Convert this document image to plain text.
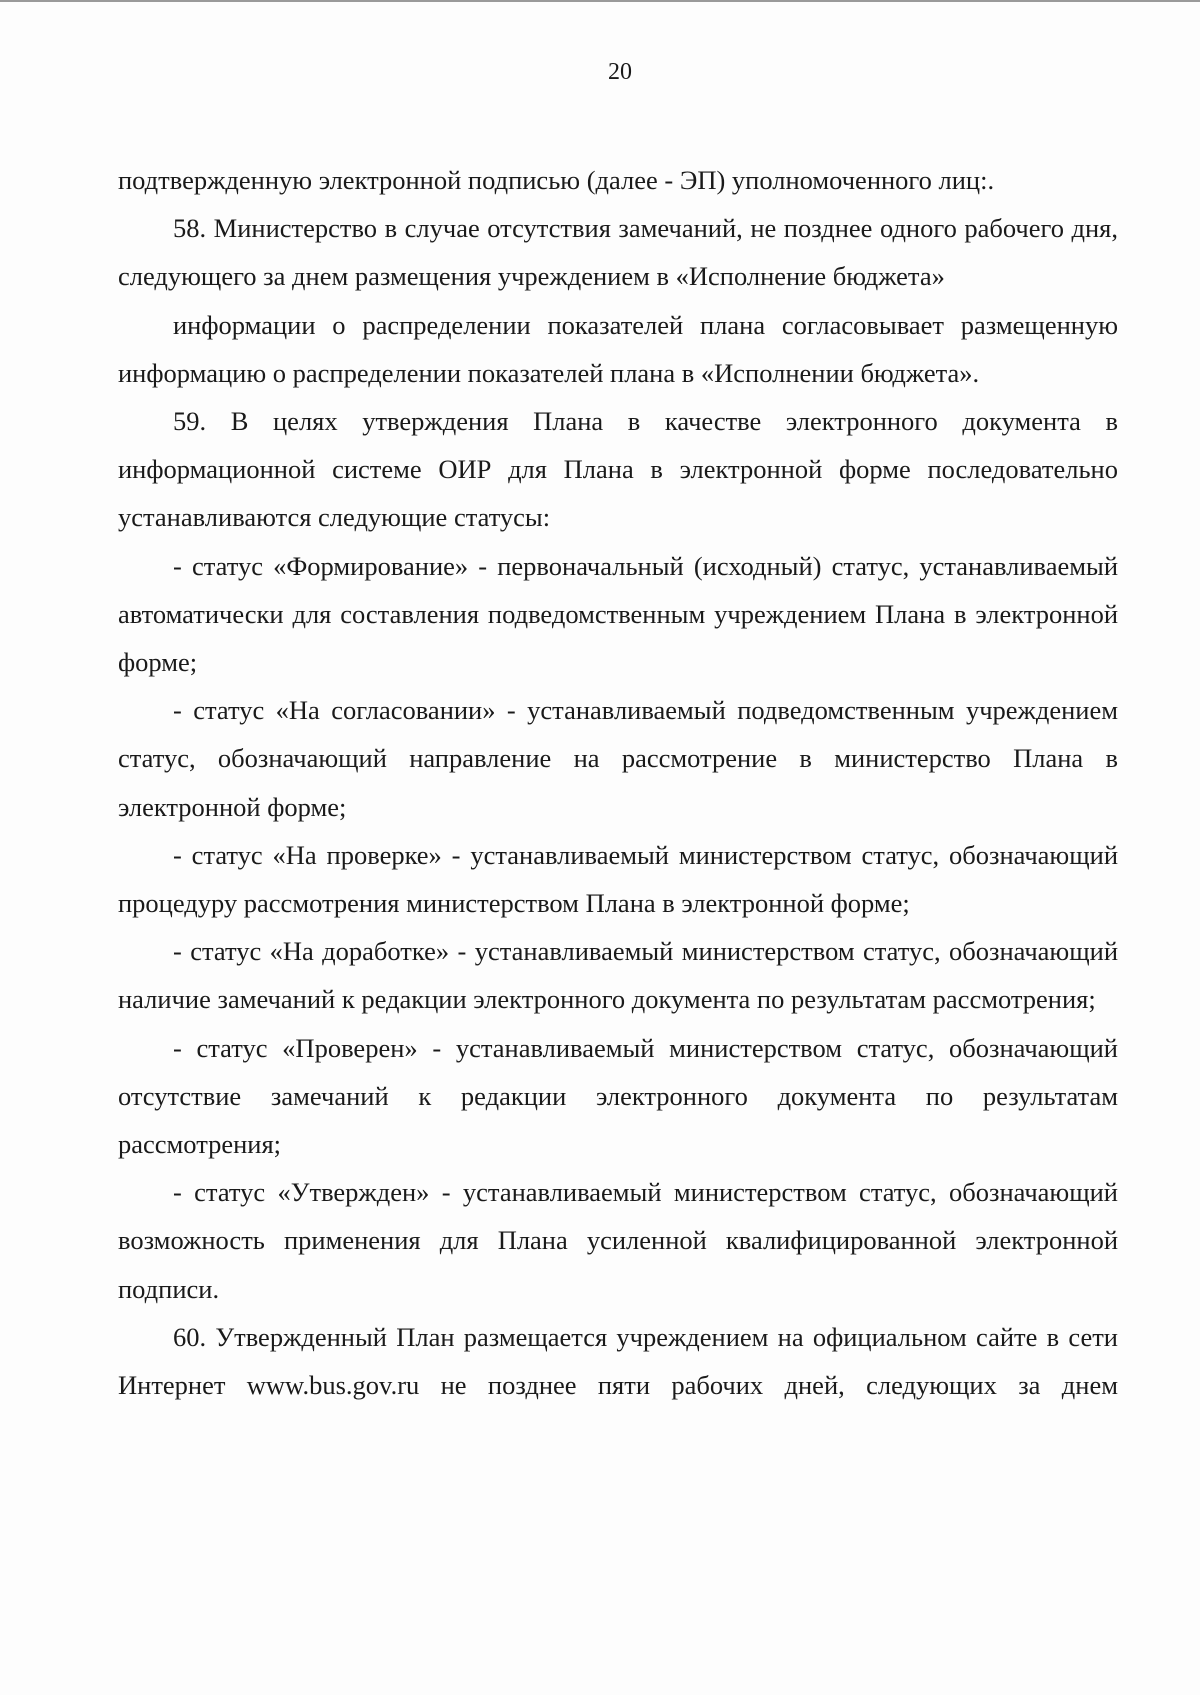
20

подтвержденную электронной подписью (далее - ЭП) уполномоченного лиц:.

58. Министерство в случае отсутствия замечаний, не позднее одного рабочего дня, следующего за днем размещения учреждением в «Исполнение бюджета»

информации о распределении показателей плана согласовывает размещенную информацию о распределении показателей плана в «Исполнении бюджета».

59. В целях утверждения Плана в качестве электронного документа в информационной системе ОИР для Плана в электронной форме последовательно устанавливаются следующие статусы:

- статус «Формирование» - первоначальный (исходный) статус, устанавливаемый автоматически для составления подведомственным учреждением Плана в электронной форме;

- статус «На согласовании» - устанавливаемый подведомственным учреждением статус, обозначающий направление на рассмотрение в министерство Плана в электронной форме;

- статус «На проверке» - устанавливаемый министерством статус, обозначающий процедуру рассмотрения министерством Плана в электронной форме;

- статус «На доработке» - устанавливаемый министерством статус, обозначающий наличие замечаний к редакции электронного документа по результатам рассмотрения;

- статус «Проверен» - устанавливаемый министерством статус, обозначающий отсутствие замечаний к редакции электронного документа по результатам рассмотрения;

- статус «Утвержден» - устанавливаемый министерством статус, обозначающий возможность применения для Плана усиленной квалифицированной электронной подписи.

60. Утвержденный План размещается учреждением на официальном сайте в сети Интернет www.bus.gov.ru не позднее пяти рабочих дней, следующих за днем
